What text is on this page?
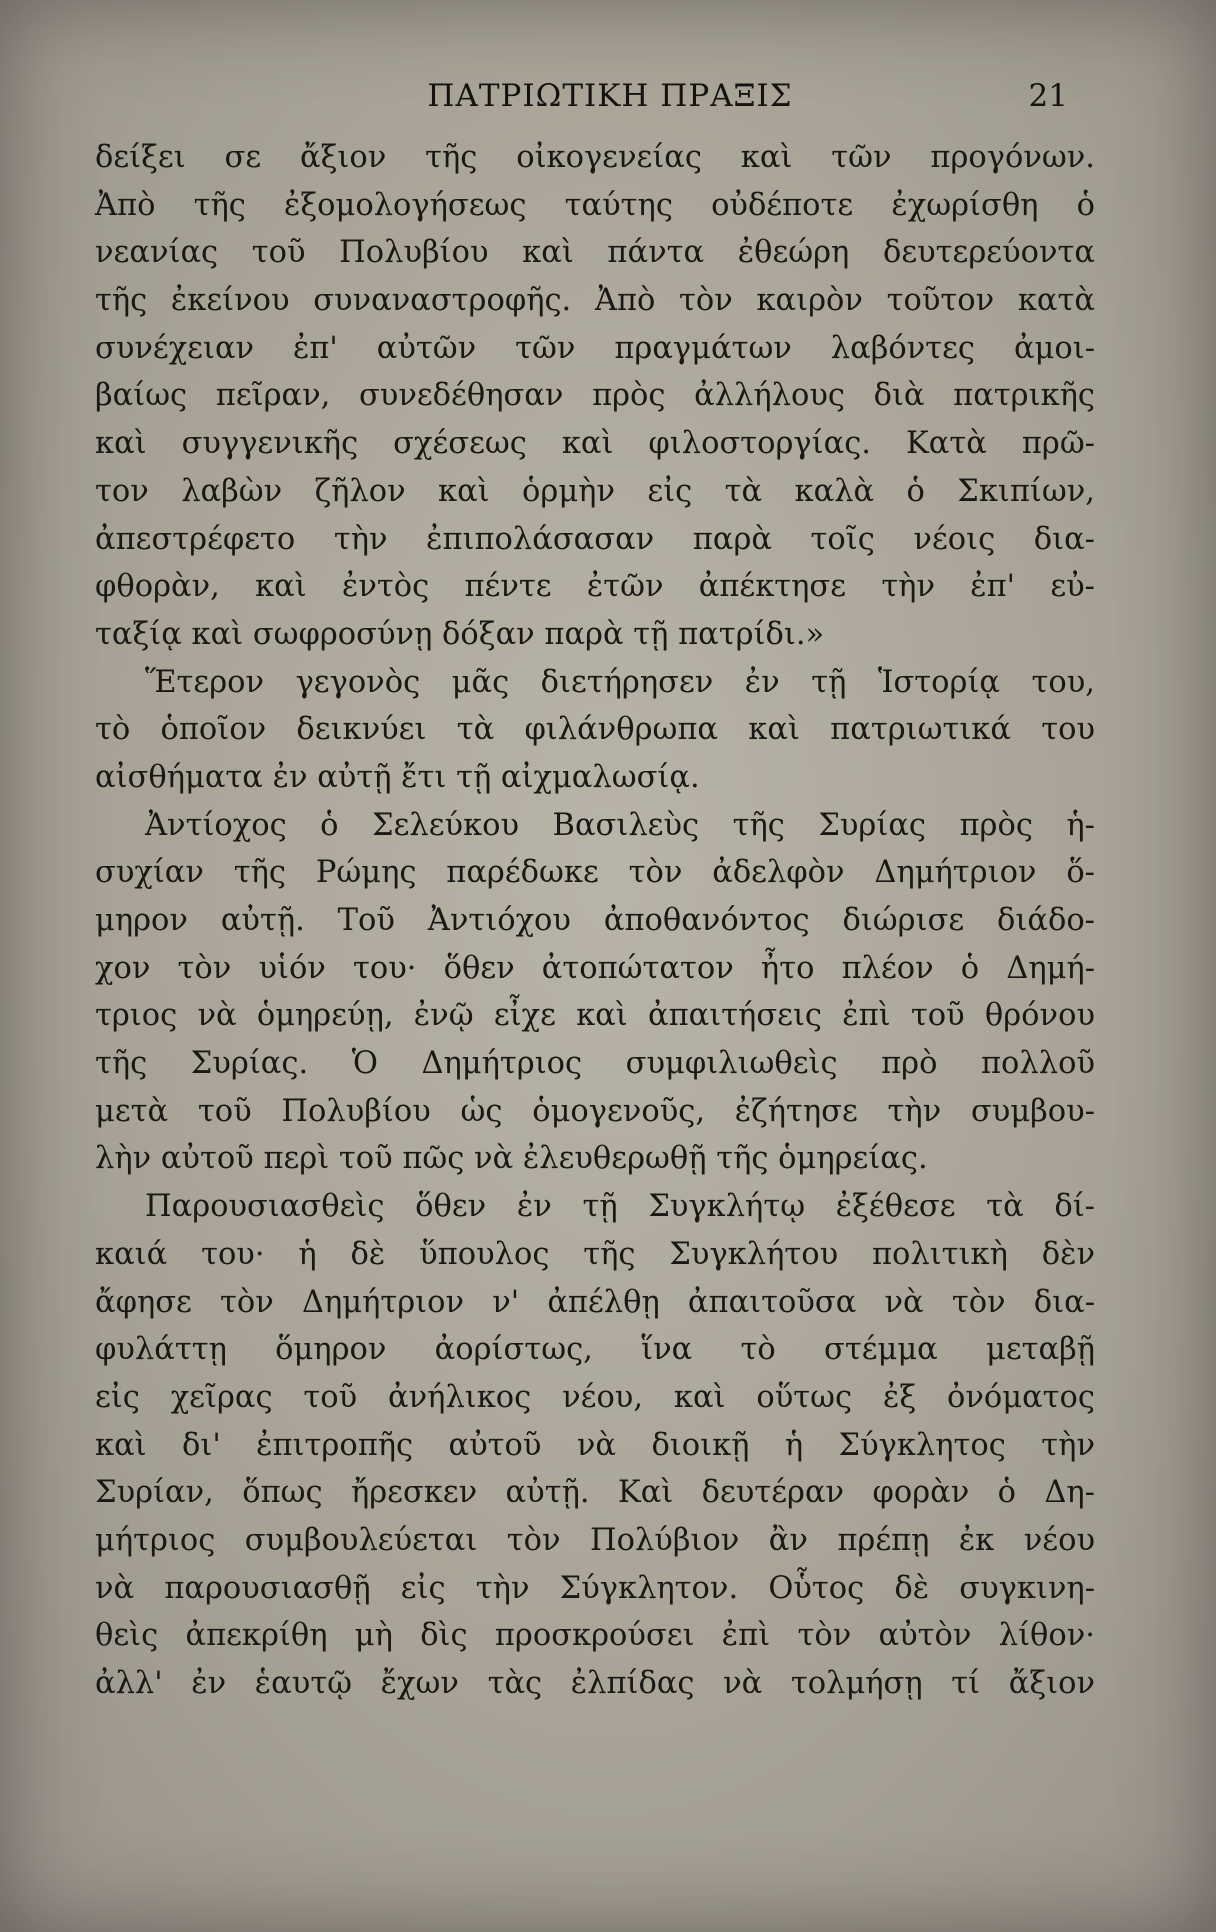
ΠΑΤΡΙΩΤΙΚΗ ΠΡΑΞΙΣ	21
δείξει σε ἄξιον τῆς οἰκογενείας καὶ τῶν προγόνων.
Ἀπὸ τῆς ἐξομολογήσεως ταύτης οὐδέποτε ἐχωρίσθη ὁ
νεανίας τοῦ Πολυβίου καὶ πάντα ἐθεώρη δευτερεύοντα
τῆς ἐκείνου συναναστροφῆς. Ἀπὸ τὸν καιρὸν τοῦτον κατὰ
συνέχειαν ἐπ' αὐτῶν τῶν πραγμάτων λαβόντες ἀμοι-
βαίως πεῖραν, συνεδέθησαν πρὸς ἀλλήλους διὰ πατρικῆς
καὶ συγγενικῆς σχέσεως καὶ φιλοστοργίας. Κατὰ πρῶ-
τον λαβὼν ζῆλον καὶ ὁρμὴν εἰς τὰ καλὰ ὁ Σκιπίων,
ἀπεστρέφετο τὴν ἐπιπολάσασαν παρὰ τοῖς νέοις δια-
φθορὰν, καὶ ἐντὸς πέντε ἐτῶν ἀπέκτησε τὴν ἐπ' εὐ-
ταξίᾳ καὶ σωφροσύνῃ δόξαν παρὰ τῇ πατρίδι.»
Ἕτερον γεγονὸς μᾶς διετήρησεν ἐν τῇ Ἱστορίᾳ του,
τὸ ὁποῖον δεικνύει τὰ φιλάνθρωπα καὶ πατριωτικά του
αἰσθήματα ἐν αὐτῇ ἔτι τῇ αἰχμαλωσίᾳ.
Ἀντίοχος ὁ Σελεύκου Βασιλεὺς τῆς Συρίας πρὸς ἡ-
συχίαν τῆς Ρώμης παρέδωκε τὸν ἀδελφὸν Δημήτριον ὅ-
μηρον αὐτῇ. Τοῦ Ἀντιόχου ἀποθανόντος διώρισε διάδο-
χον τὸν υἱόν του· ὅθεν ἀτοπώτατον ἦτο πλέον ὁ Δημή-
τριος νὰ ὁμηρεύῃ, ἐνῷ εἶχε καὶ ἀπαιτήσεις ἐπὶ τοῦ θρόνου
τῆς Συρίας. Ὁ Δημήτριος συμφιλιωθεὶς πρὸ πολλοῦ
μετὰ τοῦ Πολυβίου ὡς ὁμογενοῦς, ἐζήτησε τὴν συμβου-
λὴν αὐτοῦ περὶ τοῦ πῶς νὰ ἐλευθερωθῇ τῆς ὁμηρείας.
Παρουσιασθεὶς ὅθεν ἐν τῇ Συγκλήτῳ ἐξέθεσε τὰ δί-
καιά του· ἡ δὲ ὕπουλος τῆς Συγκλήτου πολιτικὴ δὲν
ἄφησε τὸν Δημήτριον ν' ἀπέλθῃ ἀπαιτοῦσα νὰ τὸν δια-
φυλάττῃ ὅμηρον ἀορίστως, ἵνα τὸ στέμμα μεταβῇ
εἰς χεῖρας τοῦ ἀνήλικος νέου, καὶ οὕτως ἐξ ὀνόματος
καὶ δι' ἐπιτροπῆς αὐτοῦ νὰ διοικῇ ἡ Σύγκλητος τὴν
Συρίαν, ὅπως ἤρεσκεν αὐτῇ. Καὶ δευτέραν φορὰν ὁ Δη-
μήτριος συμβουλεύεται τὸν Πολύβιον ἂν πρέπῃ ἐκ νέου
νὰ παρουσιασθῇ εἰς τὴν Σύγκλητον. Οὗτος δὲ συγκινη-
θεὶς ἀπεκρίθη μὴ δὶς προσκρούσει ἐπὶ τὸν αὐτὸν λίθον·
ἀλλ' ἐν ἑαυτῷ ἔχων τὰς ἐλπίδας νὰ τολμήσῃ τί ἄξιον
